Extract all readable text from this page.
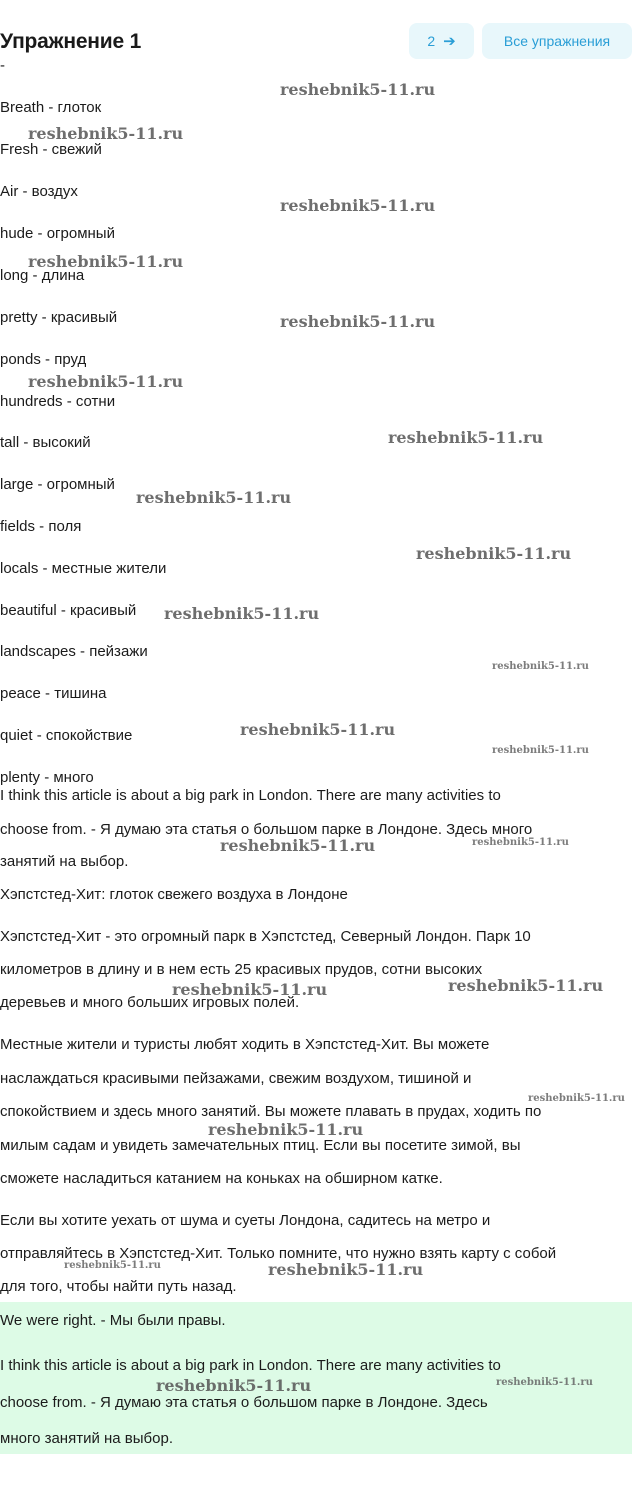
Упражнение 1	2 ➔	Все упражнения
-
Breath - глоток
Fresh - свежий
Air - воздух
hude - огромный
long - длина
pretty - красивый
ponds - пруд
hundreds - сотни
tall - высокий
large - огромный
fields - поля
locals - местные жители
beautiful - красивый
landscapes - пейзажи
peace - тишина
quiet - спокойствие
plenty - много
I think this article is about a big park in London. There are many activities to
choose from. - Я думаю эта статья о большом парке в Лондоне. Здесь много
занятий на выбор.
Хэпстстед-Хит: глоток свежего воздуха в Лондоне
Хэпстстед-Хит - это огромный парк в Хэпстстед, Северный Лондон. Парк 10
километров в длину и в нем есть 25 красивых прудов, сотни высоких
деревьев и много больших игровых полей.
Местные жители и туристы любят ходить в Хэпстстед-Хит. Вы можете
наслаждаться красивыми пейзажами, свежим воздухом, тишиной и
спокойствием и здесь много занятий. Вы можете плавать в прудах, ходить по
милым садам и увидеть замечательных птиц. Если вы посетите зимой, вы
сможете насладиться катанием на коньках на обширном катке.
Если вы хотите уехать от шума и суеты Лондона, садитесь на метро и
отправляйтесь в Хэпстстед-Хит. Только помните, что нужно взять карту с собой
для того, чтобы найти путь назад.
We were right. - Мы были правы.
I think this article is about a big park in London. There are many activities to
choose from. - Я думаю эта статья о большом парке в Лондоне. Здесь
много занятий на выбор.
reshebnik5-11.ru
reshebnik5-11.ru
reshebnik5-11.ru
reshebnik5-11.ru
reshebnik5-11.ru
reshebnik5-11.ru
reshebnik5-11.ru
reshebnik5-11.ru
reshebnik5-11.ru
reshebnik5-11.ru
reshebnik5-11.ru
reshebnik5-11.ru
reshebnik5-11.ru
reshebnik5-11.ru	reshebnik5-11.ru
reshebnik5-11.ru	reshebnik5-11.ru
reshebnik5-11.ru
reshebnik5-11.ru
reshebnik5-11.ru	reshebnik5-11.ru
reshebnik5-11.ru	reshebnik5-11.ru
